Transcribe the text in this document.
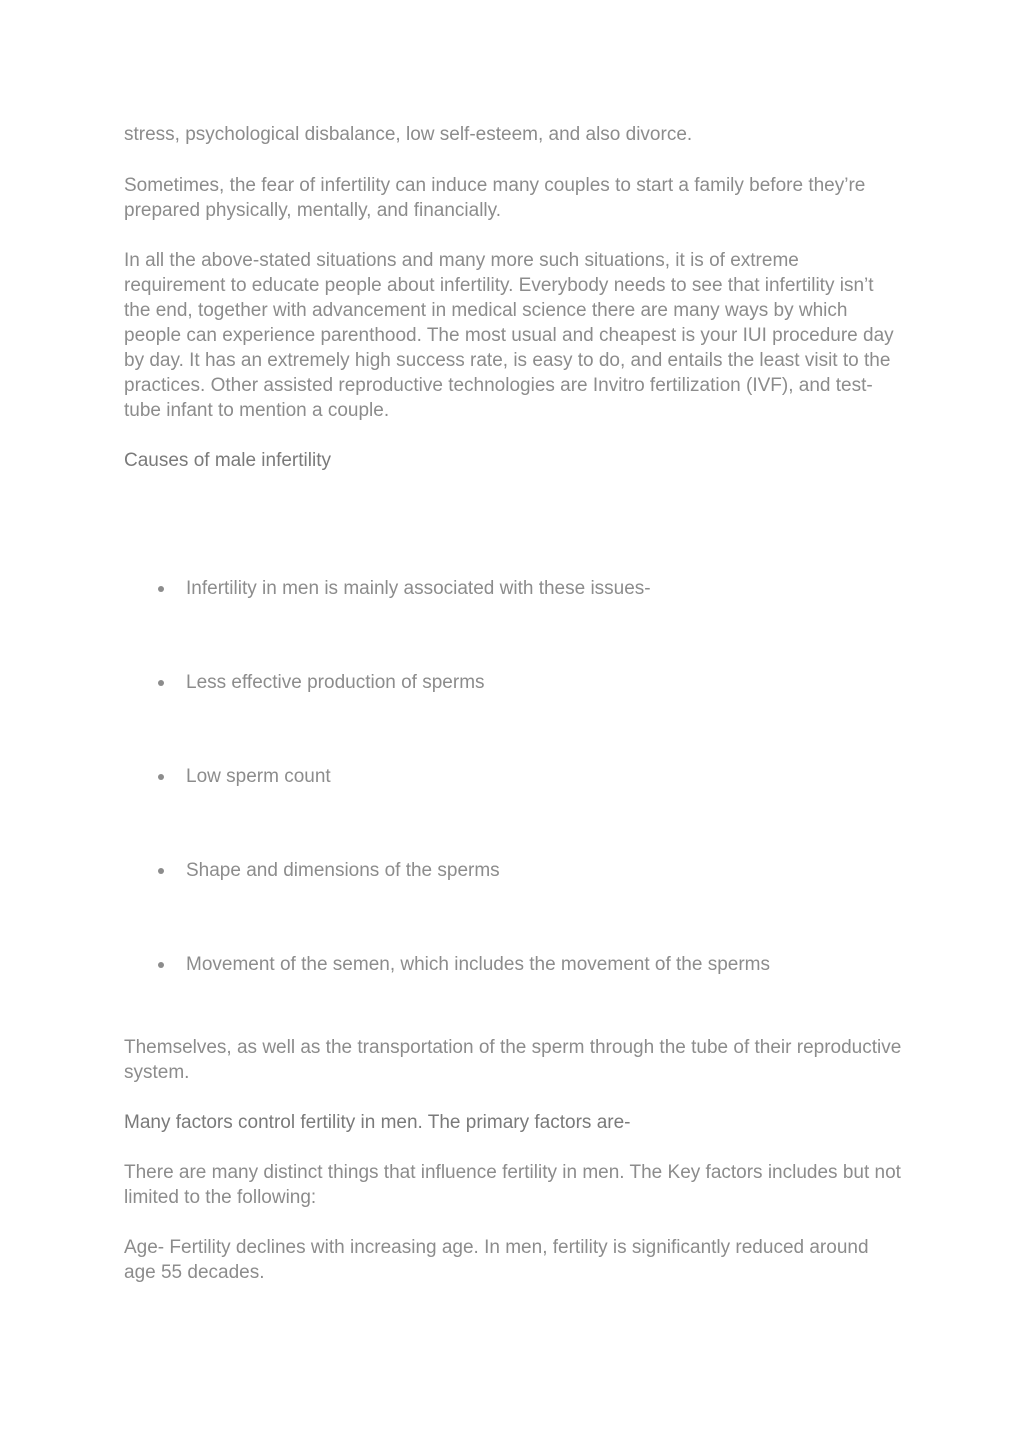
stress, psychological disbalance, low self-esteem, and also divorce.

Sometimes, the fear of infertility can induce many couples to start a family before they’re prepared physically, mentally, and financially.

In all the above-stated situations and many more such situations, it is of extreme requirement to educate people about infertility. Everybody needs to see that infertility isn’t the end, together with advancement in medical science there are many ways by which people can experience parenthood. The most usual and cheapest is your IUI procedure day by day. It has an extremely high success rate, is easy to do, and entails the least visit to the practices. Other assisted reproductive technologies are Invitro fertilization (IVF), and test-tube infant to mention a couple.

Causes of male infertility

Infertility in men is mainly associated with these issues-
Less effective production of sperms
Low sperm count
Shape and dimensions of the sperms
Movement of the semen, which includes the movement of the sperms

Themselves, as well as the transportation of the sperm through the tube of their reproductive system.

Many factors control fertility in men. The primary factors are-

There are many distinct things that influence fertility in men. The Key factors includes but not limited to the following:

Age- Fertility declines with increasing age. In men, fertility is significantly reduced around age 55 decades.
